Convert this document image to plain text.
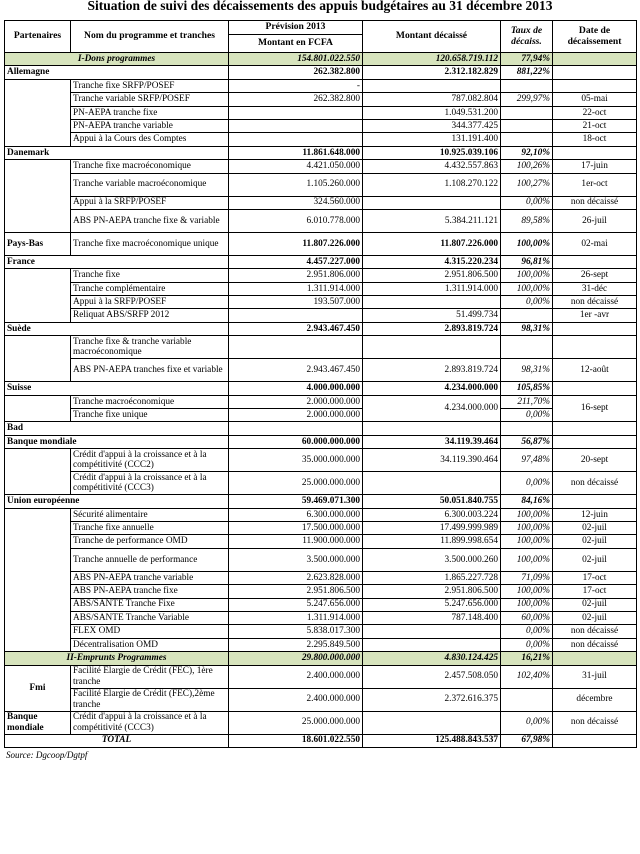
Situation de suivi des décaissements des appuis budgétaires au 31 décembre 2013
Partenaires	Nom du programme et tranches	Prévision 2013	Montant décaissé	Taux de décaiss.	Date de décaissement
		Montant en FCFA			
I-Dons programmes		154.801.022.550	120.658.719.112	77,94%	
Allemagne		262.382.800	2.312.182.829	881,22%	
	Tranche fixe SRFP/POSEF	-			
	Tranche variable SRFP/POSEF	262.382.800	787.082.804	299,97%	05-mai
	PN-AEPA tranche fixe		1.049.531.200		22-oct
	PN-AEPA tranche variable		344.377.425		21-oct
	Appui à la Cours des Comptes		131.191.400		18-oct
Danemark		11.861.648.000	10.925.039.106	92,10%	
	Tranche fixe macroéconomique	4.421.050.000	4.432.557.863	100,26%	17-juin
	Tranche variable macroéconomique	1.105.260.000	1.108.270.122	100,27%	1er-oct
	Appui à la SRFP/POSEF	324.560.000		0,00%	non décaissé
	ABS PN-AEPA tranche fixe & variable	6.010.778.000	5.384.211.121	89,58%	26-juil
Pays-Bas	Tranche fixe macroéconomique unique	11.807.226.000	11.807.226.000	100,00%	02-mai
France		4.457.227.000	4.315.220.234	96,81%	
	Tranche fixe	2.951.806.000	2.951.806.500	100,00%	26-sept
	Tranche complémentaire	1.311.914.000	1.311.914.000	100,00%	31-déc
	Appui à la SRFP/POSEF	193.507.000		0,00%	non décaissé
	Reliquat ABS/SRFP 2012		51.499.734		1er -avr
Suède		2.943.467.450	2.893.819.724	98,31%	
	Tranche fixe & tranche variable macroéconomique				
	ABS PN-AEPA tranches fixe et variable	2.943.467.450	2.893.819.724	98,31%	12-août
Suisse		4.000.000.000	4.234.000.000	105,85%	
	Tranche macroéconomique	2.000.000.000	4.234.000.000	211,70%	16-sept
	Tranche fixe unique	2.000.000.000		0,00%	
Bad					
Banque mondiale		60.000.000.000	34.119.39.464	56,87%	
	Crédit d'appui à la croissance et à la compétitivité (CCC2)	35.000.000.000	34.119.390.464	97,48%	20-sept
	Crédit d'appui à la croissance et à la compétitivité (CCC3)	25.000.000.000		0,00%	non décaissé
Union européenne		59.469.071.300	50.051.840.755	84,16%	
	Sécurité alimentaire	6.300.000.000	6.300.003.224	100,00%	12-juin
	Tranche fixe annuelle	17.500.000.000	17.499.999.989	100,00%	02-juil
	Tranche de performance OMD	11.900.000.000	11.899.998.654	100,00%	02-juil
	Tranche annuelle de performance	3.500.000.000	3.500.000.260	100,00%	02-juil
	ABS PN-AEPA tranche variable	2.623.828.000	1.865.227.728	71,09%	17-oct
	ABS PN-AEPA tranche fixe	2.951.806.500	2.951.806.500	100,00%	17-oct
	ABS/SANTE Tranche Fixe	5.247.656.000	5.247.656.000	100,00%	02-juil
	ABS/SANTE Tranche Variable	1.311.914.000	787.148.400	60,00%	02-juil
	FLEX OMD	5.838.017.300		0,00%	non décaissé
	Décentralisation OMD	2.295.849.500		0,00%	non décaissé
II-Emprunts Programmes		29.800.000.000	4.830.124.425	16,21%	
Fmi	Facilité Elargie de Crédit (FEC), 1ère tranche	2.400.000.000	2.457.508.050	102,40%	31-juil
	Facilité Elargie de Crédit (FEC),2ème tranche	2.400.000.000	2.372.616.375		décembre
Banque mondiale	Crédit d'appui à la croissance et à la compétitivité (CCC3)	25.000.000.000		0,00%	non décaissé
TOTAL		18.601.022.550	125.488.843.537	67,98%	
Source: Dgcoop/Dgtpf
